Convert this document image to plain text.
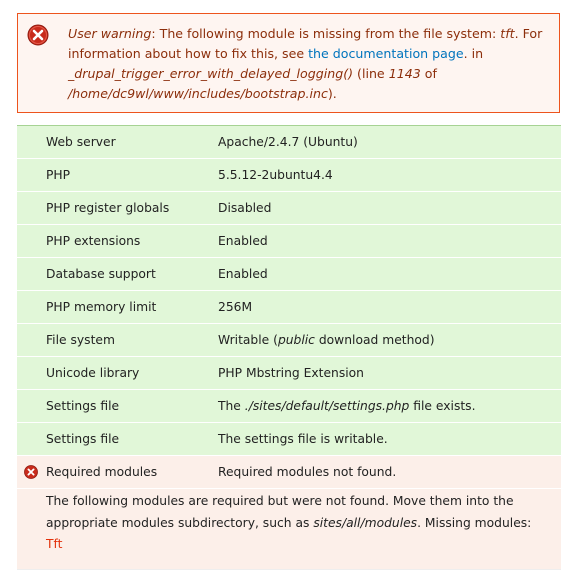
User warning: The following module is missing from the file system: tft. For information about how to fix this, see the documentation page. in _drupal_trigger_error_with_delayed_logging() (line 1143 of /home/dc9wl/www/includes/bootstrap.inc).
Web server	Apache/2.4.7 (Ubuntu)
PHP	5.5.12-2ubuntu4.4
PHP register globals	Disabled
PHP extensions	Enabled
Database support	Enabled
PHP memory limit	256M
File system	Writable (public download method)
Unicode library	PHP Mbstring Extension
Settings file	The ./sites/default/settings.php file exists.
Settings file	The settings file is writable.

Required modules	Required modules not found.
The following modules are required but were not found. Move them into the appropriate modules subdirectory, such as sites/all/modules. Missing modules: Tft	
